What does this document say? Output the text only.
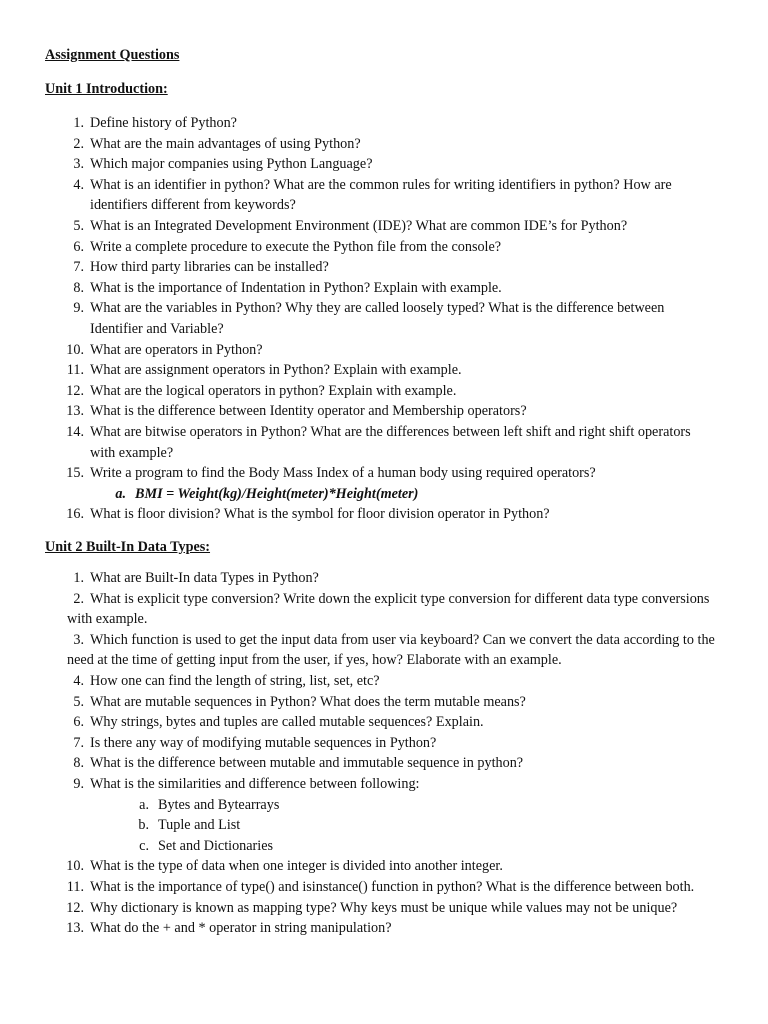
Assignment Questions
Unit 1 Introduction:
1. Define history of Python?
2. What are the main advantages of using Python?
3. Which major companies using Python Language?
4. What is an identifier in python? What are the common rules for writing identifiers in python? How are identifiers different from keywords?
5. What is an Integrated Development Environment (IDE)? What are common IDE’s for Python?
6. Write a complete procedure to execute the Python file from the console?
7. How third party libraries can be installed?
8. What is the importance of Indentation in Python? Explain with example.
9. What are the variables in Python? Why they are called loosely typed? What is the difference between Identifier and Variable?
10. What are operators in Python?
11. What are assignment operators in Python? Explain with example.
12. What are the logical operators in python? Explain with example.
13. What is the difference between Identity operator and Membership operators?
14. What are bitwise operators in Python? What are the differences between left shift and right shift operators with example?
15. Write a program to find the Body Mass Index of a human body using required operators?
a. BMI = Weight(kg)/Height(meter)*Height(meter)
16. What is floor division? What is the symbol for floor division operator in Python?
Unit 2 Built-In Data Types:
1. What are Built-In data Types in Python?
2. What is explicit type conversion? Write down the explicit type conversion for different data type conversions with example.
3. Which function is used to get the input data from user via keyboard? Can we convert the data according to the need at the time of getting input from the user, if yes, how? Elaborate with an example.
4. How one can find the length of string, list, set, etc?
5. What are mutable sequences in Python? What does the term mutable means?
6. Why strings, bytes and tuples are called mutable sequences? Explain.
7. Is there any way of modifying mutable sequences in Python?
8. What is the difference between mutable and immutable sequence in python?
9. What is the similarities and difference between following:
a. Bytes and Bytearrays
b. Tuple and List
c. Set and Dictionaries
10. What is the type of data when one integer is divided into another integer.
11. What is the importance of type() and isinstance() function in python? What is the difference between both.
12. Why dictionary is known as mapping type? Why keys must be unique while values may not be unique?
13. What do the + and * operator in string manipulation?
